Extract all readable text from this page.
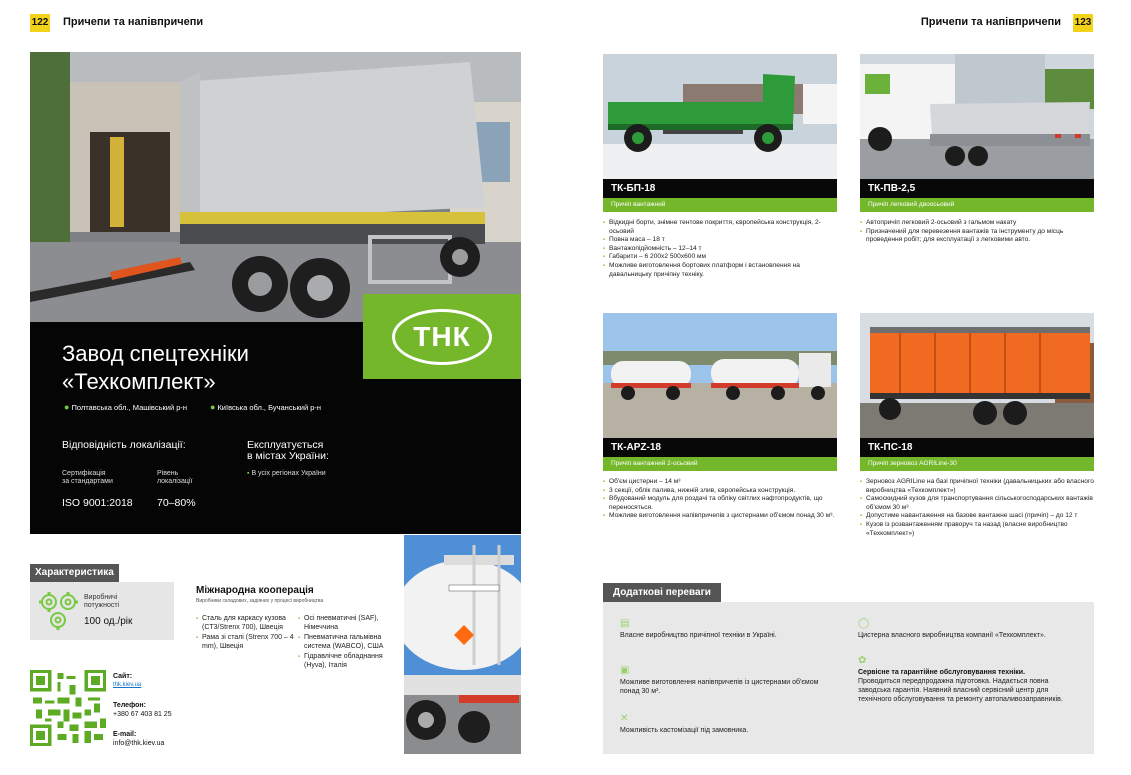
122 Причепи та напівпричепи
Завод спецтехніки
«Техкомплект»
● Полтавська обл., Машівський р-н	● Київська обл., Бучанський р-н
Відповідність локалізації:	Експлуатується
в містах України:
Сертифікація
за стандартами
Рівень
локалізації
▪ В усіх регіонах України
ISO 9001:2018 70–80%
ТНК
Характеристика
Виробничі
потужності
100 од./рік
Міжнародна кооперація
Виробники складових, задіяних у процесі виробництва
▪ Сталь для каркасу кузова (CT3/Strenx 700), Швеція
▪ Рама зі сталі (Strenx 700 – 4 mm), Швеція
▪ Осі пневматичні (SAF), Німеччина
▪ Пневматична гальмівна система (WABCO), США
▪ Гідравлічне обладнання (Hyva), Італія
Сайт:
thk.kiev.ua
Телефон:
+380 67 403 81 25
E-mail:
info@thk.kiev.ua
Причепи та напівпричепи 123
ТК-БП-18
Причіп вантажний
▪ Відкидні борти, знімне тентове покриття, європейська конструкція, 2-осьовий
▪ Повна маса – 18 т
▪ Вантажопідйомність – 12–14 т
▪ Габарити – 6 200x2 500x600 мм
▪ Можливе виготовлення бортових платформ і встановлення на давальницьку причіпну техніку.
ТК-ПВ-2,5
Причіп легковий двоосьовий
▪ Автопричіп легковий 2-осьовий з гальмом накату
▪ Призначений для перевезення вантажів та інструменту до місць проведення робіт; для експлуатації з легковими авто.
ТК-APZ-18
Причіп вантажний 2-осьовий
▪ Об'єм цистерни – 14 м³
▪ 3 секції, облік палива, нижній злив, європейська конструкція.
▪ Вбудований модуль для роздачі та обліку світлих нафтопродуктів, що переносяться.
▪ Можливе виготовлення напівпричепів з цистернами об'ємом понад 30 м³.
ТК-ПС-18
Причіп зерновоз AGRILine-30
▪ Зерновоз AGRILine на базі причіпної техніки (давальницьких або власного виробництва «Техкомплект»)
▪ Самоскидний кузов для транспортування сільськогосподарських вантажів об'ємом 30 м³
▪ Допустиме навантаження на базове вантажне шасі (причіп) – до 12 т
▪ Кузов із розвантаженням праворуч та назад (власне виробництво «Техкомплект»)
Додаткові переваги
▤
Власне виробництво причіпної техніки в Україні.
◯
Цистерна власного виробництва компанії «Техкомплект».
▣
Можливе виготовлення напівпричепів із цистернами об'ємом понад 30 м³.
✿
Сервісне та гарантійне обслуговування техніки.
Проводиться передпродажна підготовка. Надається повна заводська гарантія. Наявний власний сервісний центр для технічного обслуговування та ремонту автопаливозаправників.
✕
Можливість кастомізації під замовника.
